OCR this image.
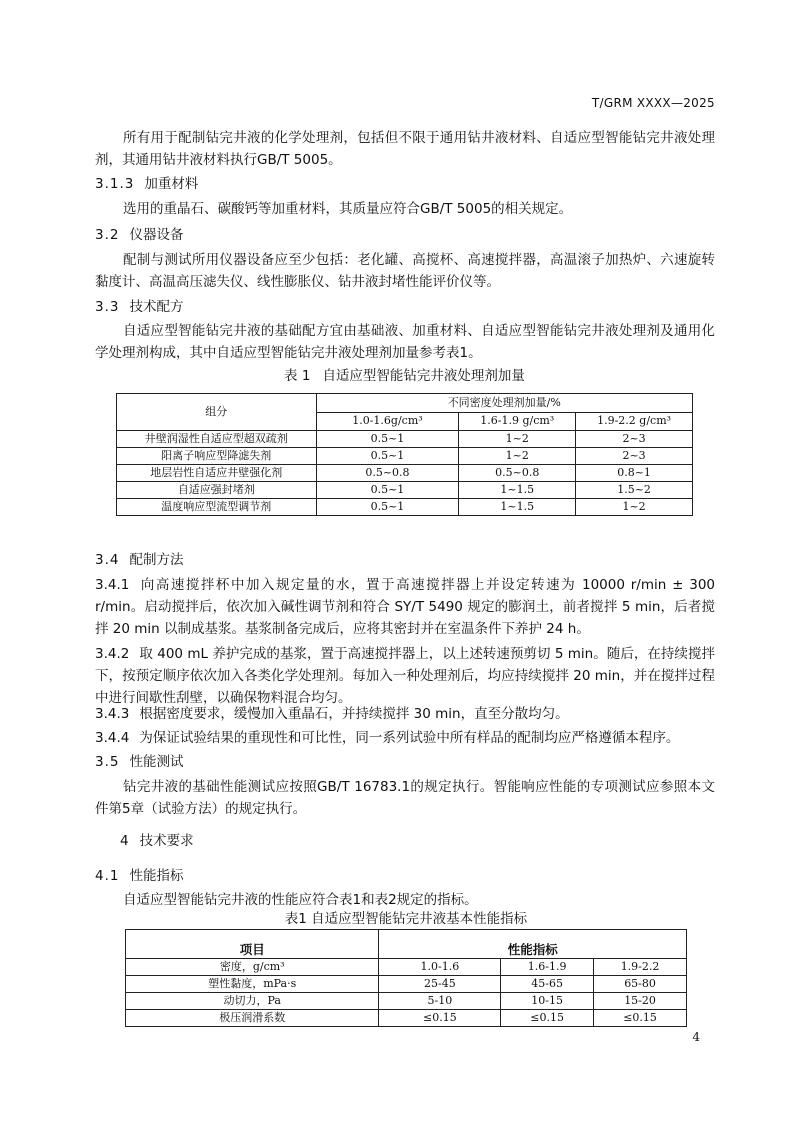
T/GRM XXXX—2025
所有用于配制钻完井液的化学处理剂，包括但不限于通用钻井液材料、自适应型智能钻完井液处理剂，其通用钻井液材料执行GB/T 5005。
3.1.3 加重材料
选用的重晶石、碳酸钙等加重材料，其质量应符合GB/T 5005的相关规定。
3.2 仪器设备
配制与测试所用仪器设备应至少包括：老化罐、高搅杯、高速搅拌器，高温滚子加热炉、六速旋转黏度计、高温高压滤失仪、线性膨胀仪、钻井液封堵性能评价仪等。
3.3 技术配方
自适应型智能钻完井液的基础配方宜由基础液、加重材料、自适应型智能钻完井液处理剂及通用化学处理剂构成，其中自适应型智能钻完井液处理剂加量参考表1。
表 1 自适应型智能钻完井液处理剂加量
组分	不同密度处理剂加量/%		
	1.0-1.6g/cm³	1.6-1.9 g/cm³	1.9-2.2 g/cm³
井壁润湿性自适应型超双疏剂	0.5~1	1~2	2~3
阳离子响应型降滤失剂	0.5~1	1~2	2~3
地层岩性自适应井壁强化剂	0.5~0.8	0.5~0.8	0.8~1
自适应强封堵剂	0.5~1	1~1.5	1.5~2
温度响应型流型调节剂	0.5~1	1~1.5	1~2
3.4 配制方法
3.4.1 向高速搅拌杯中加入规定量的水，置于高速搅拌器上并设定转速为 10000 r/min ± 300 r/min。启动搅拌后，依次加入碱性调节剂和符合 SY/T 5490 规定的膨润土，前者搅拌 5 min，后者搅拌 20 min 以制成基浆。基浆制备完成后，应将其密封并在室温条件下养护 24 h。
3.4.2 取 400 mL 养护完成的基浆，置于高速搅拌器上，以上述转速预剪切 5 min。随后，在持续搅拌下，按预定顺序依次加入各类化学处理剂。每加入一种处理剂后，均应持续搅拌 20 min，并在搅拌过程中进行间歇性刮壁，以确保物料混合均匀。
3.4.3 根据密度要求，缓慢加入重晶石，并持续搅拌 30 min，直至分散均匀。
3.4.4 为保证试验结果的重现性和可比性，同一系列试验中所有样品的配制均应严格遵循本程序。
3.5 性能测试
钻完井液的基础性能测试应按照GB/T 16783.1的规定执行。智能响应性能的专项测试应参照本文件第5章（试验方法）的规定执行。
4 技术要求
4.1 性能指标
自适应型智能钻完井液的性能应符合表1和表2规定的指标。
表1 自适应型智能钻完井液基本性能指标
项目	性能指标		
密度，g/cm³	1.0-1.6	1.6-1.9	1.9-2.2
塑性黏度，mPa·s	25-45	45-65	65-80
动切力，Pa	5-10	10-15	15-20
极压润滑系数	≤0.15	≤0.15	≤0.15
4
